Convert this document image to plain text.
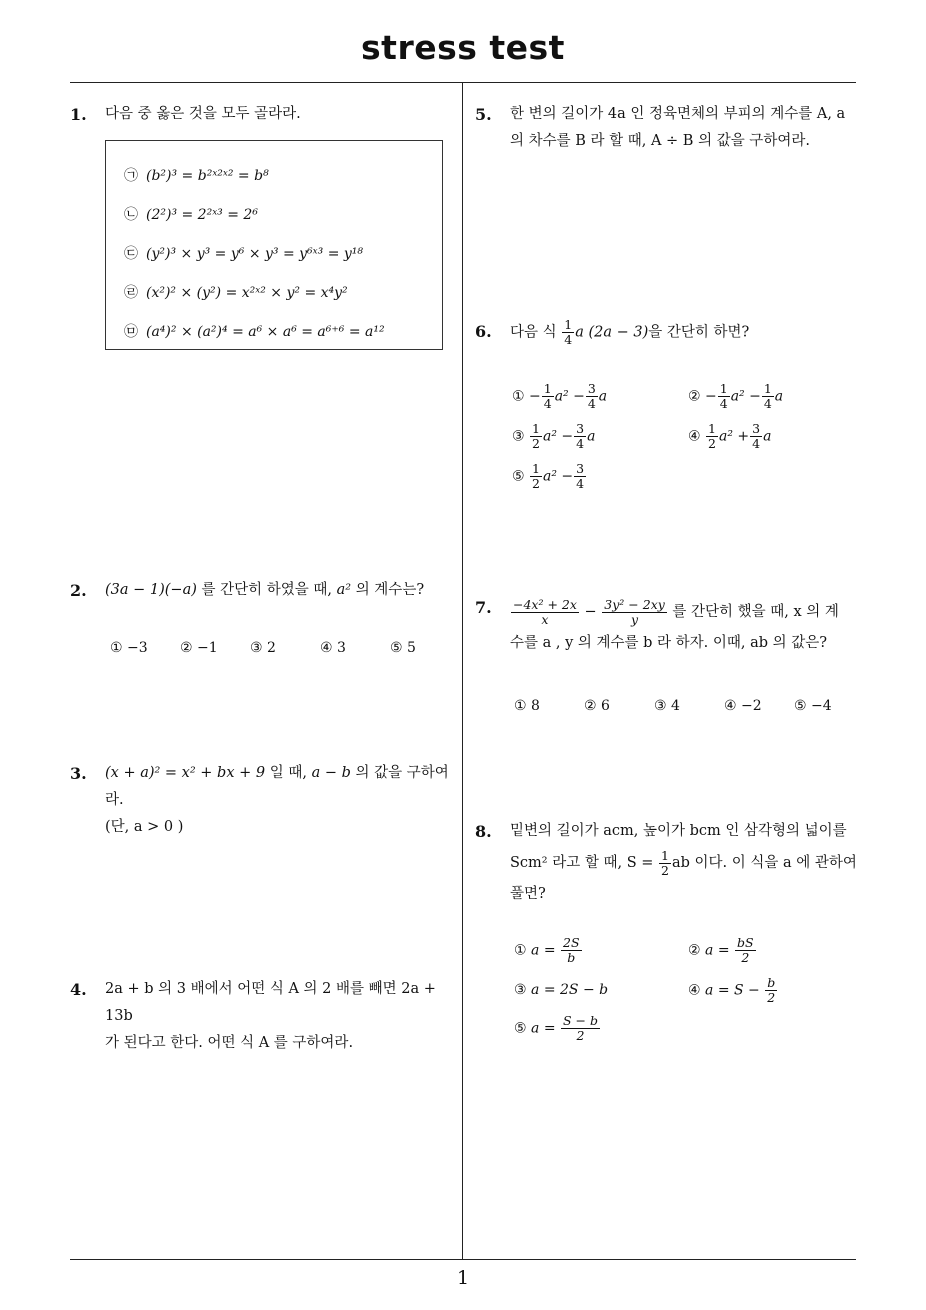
stress test
1
1. 다음 중 옳은 것을 모두 골라라.
㉠ (b²)³ = b²ˣ²ˣ² = b⁸
㉡ (2²)³ = 2²ˣ³ = 2⁶
㉢ (y²)³ × y³ = y⁶ × y³ = y⁶ˣ³ = y¹⁸
㉣ (x²)² × (y²) = x²ˣ² × y² = x⁴y²
㉤ (a⁴)² × (a²)⁴ = a⁶ × a⁶ = a⁶⁺⁶ = a¹²
2. (3a − 1)(−a) 를 간단히 하였을 때, a² 의 계수는?
① −3 ② −1 ③ 2	④ 3	⑤ 5
3. (x + a)² = x² + bx + 9 일 때, a − b 의 값을 구하여라.
(단, a > 0 )
4. 2a + b 의 3 배에서 어떤 식 A 의 2 배를 빼면 2a + 13b
가 된다고 한다. 어떤 식 A 를 구하여라.
5. 한 변의 길이가 4a 인 정육면체의 부피의 계수를 A, a
의 차수를 B 라 할 때, A ÷ B 의 값을 구하여라.
6. 다음 식 $\frac{1}{4}$ a (2a − 3)을 간단히 하면?
① − $\frac{1}{4} a^2 - \frac{3}{4}$ a	② − $\frac{1}{4} a^2 - \frac{1}{4}$ a
③ $\frac{1}{2} a^2 - \frac{3}{4}$ a	④ $\frac{1}{2} a^2 + \frac{3}{4}$ a
⑤ $\frac{1}{2} a^2 - \frac{3}{4}$
7. $\frac{\text{−4x² + 2x}}{x} - \frac{\text{3y² − 2xy}}{y}$ 를 간단히 했을 때, x 의 계
수를 a , y 의 계수를 b 라 하자. 이때, ab 의 값은?
① 8	② 6	③ 4	④ −2 ⑤ −4
8. 밑변의 길이가 acm, 높이가 bcm 인 삼각형의 넓이를
Scm² 라고 할 때, $S = \frac{1}{2}$ ab 이다. 이 식을 a 에 관하여
풀면?
① $a = \frac{2S}{b}$	② $a = \frac{bS}{2}$
③ a = 2S − b	④ $a = S - \frac{b}{2}$
⑤ $a = \frac{S - b}{2}$
